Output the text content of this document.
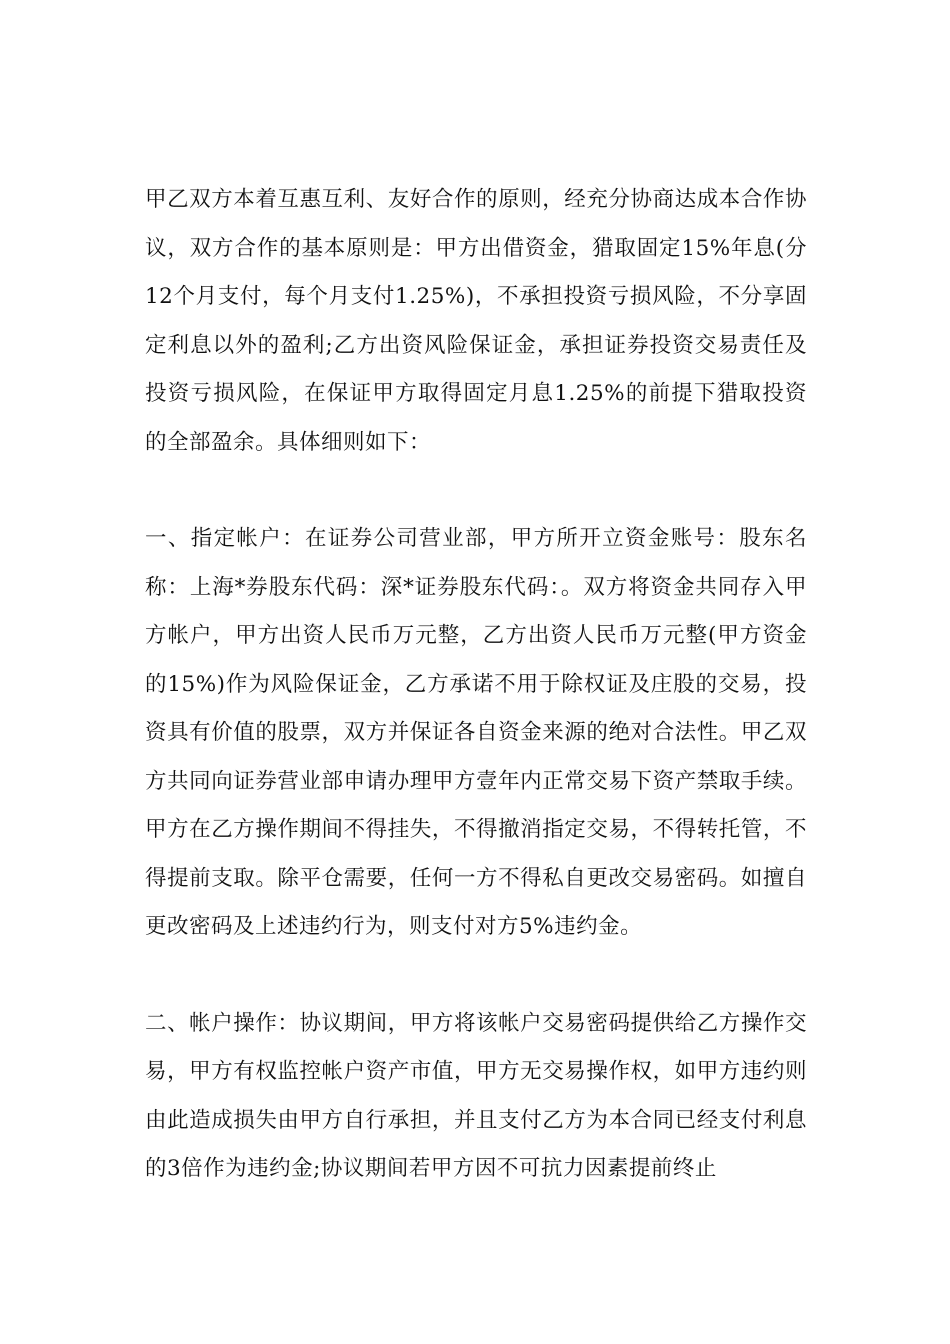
甲乙双方本着互惠互利、友好合作的原则，经充分协商达成本合作协议，双方合作的基本原则是：甲方出借资金，猎取固定15%年息(分12个月支付，每个月支付1.25%)，不承担投资亏损风险，不分享固定利息以外的盈利;乙方出资风险保证金，承担证券投资交易责任及投资亏损风险，在保证甲方取得固定月息1.25%的前提下猎取投资的全部盈余。具体细则如下：

一、指定帐户：在证券公司营业部，甲方所开立资金账号：股东名称：上海*券股东代码：深*证券股东代码：。双方将资金共同存入甲方帐户，甲方出资人民币万元整，乙方出资人民币万元整(甲方资金的15%)作为风险保证金，乙方承诺不用于除权证及庄股的交易，投资具有价值的股票，双方并保证各自资金来源的绝对合法性。甲乙双方共同向证券营业部申请办理甲方壹年内正常交易下资产禁取手续。甲方在乙方操作期间不得挂失，不得撤消指定交易，不得转托管，不得提前支取。除平仓需要，任何一方不得私自更改交易密码。如擅自更改密码及上述违约行为，则支付对方5%违约金。

二、帐户操作：协议期间，甲方将该帐户交易密码提供给乙方操作交易，甲方有权监控帐户资产市值，甲方无交易操作权，如甲方违约则由此造成损失由甲方自行承担，并且支付乙方为本合同已经支付利息的3倍作为违约金;协议期间若甲方因不可抗力因素提前终止
